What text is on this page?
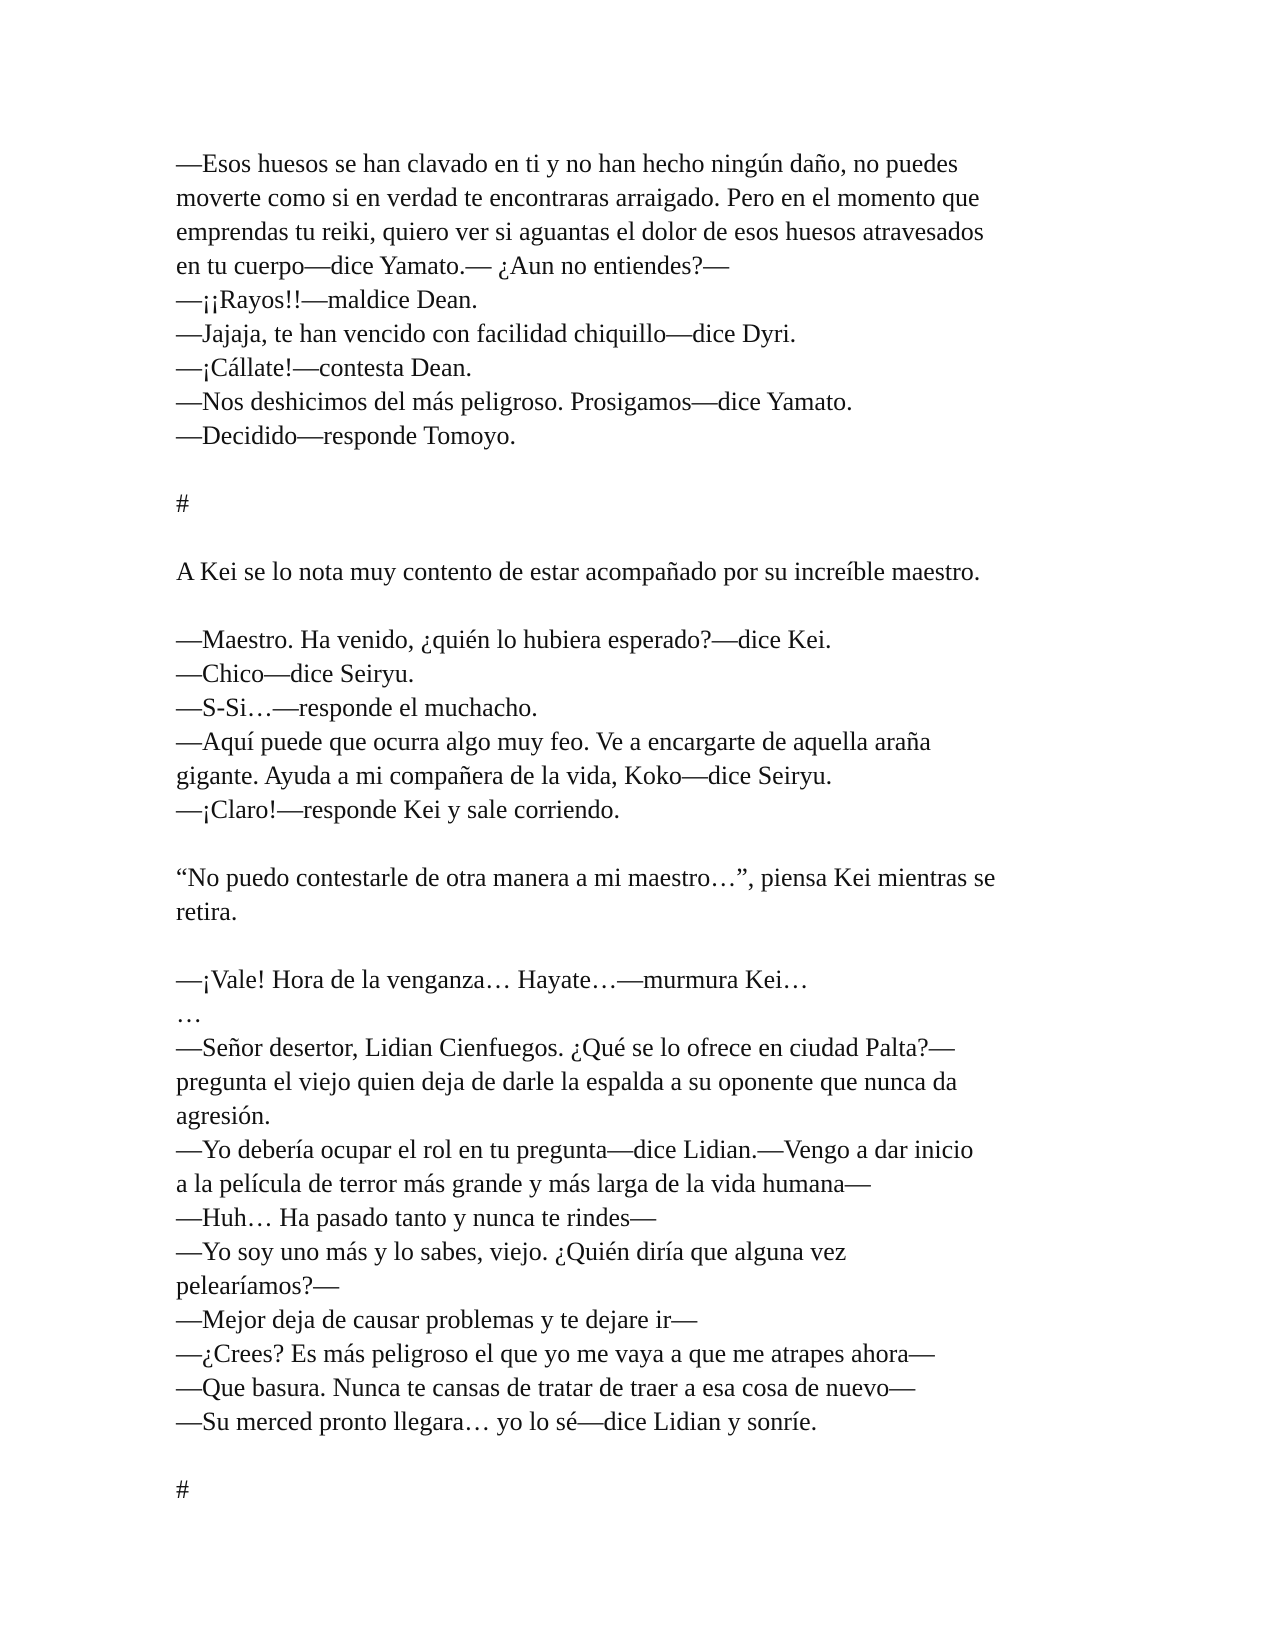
—Esos huesos se han clavado en ti y no han hecho ningún daño, no puedes
moverte como si en verdad te encontraras arraigado. Pero en el momento que
emprendas tu reiki, quiero ver si aguantas el dolor de esos huesos atravesados
en tu cuerpo—dice Yamato.— ¿Aun no entiendes?—
—¡¡Rayos!!—maldice Dean.
—Jajaja, te han vencido con facilidad chiquillo—dice Dyri.
—¡Cállate!—contesta Dean.
—Nos deshicimos del más peligroso. Prosigamos—dice Yamato.
—Decidido—responde Tomoyo.
#
A Kei se lo nota muy contento de estar acompañado por su increíble maestro.
—Maestro. Ha venido, ¿quién lo hubiera esperado?—dice Kei.
—Chico—dice Seiryu.
—S-Si…—responde el muchacho.
—Aquí puede que ocurra algo muy feo. Ve a encargarte de aquella araña
gigante. Ayuda a mi compañera de la vida, Koko—dice Seiryu.
—¡Claro!—responde Kei y sale corriendo.
“No puedo contestarle de otra manera a mi maestro…”, piensa Kei mientras se
retira.
—¡Vale! Hora de la venganza… Hayate…—murmura Kei…
…
—Señor desertor, Lidian Cienfuegos. ¿Qué se lo ofrece en ciudad Palta?—
pregunta el viejo quien deja de darle la espalda a su oponente que nunca da
agresión.
—Yo debería ocupar el rol en tu pregunta—dice Lidian.—Vengo a dar inicio
a la película de terror más grande y más larga de la vida humana—
—Huh… Ha pasado tanto y nunca te rindes—
—Yo soy uno más y lo sabes, viejo. ¿Quién diría que alguna vez
pelearíamos?—
—Mejor deja de causar problemas y te dejare ir—
—¿Crees? Es más peligroso el que yo me vaya a que me atrapes ahora—
—Que basura. Nunca te cansas de tratar de traer a esa cosa de nuevo—
—Su merced pronto llegara… yo lo sé—dice Lidian y sonríe.
#
